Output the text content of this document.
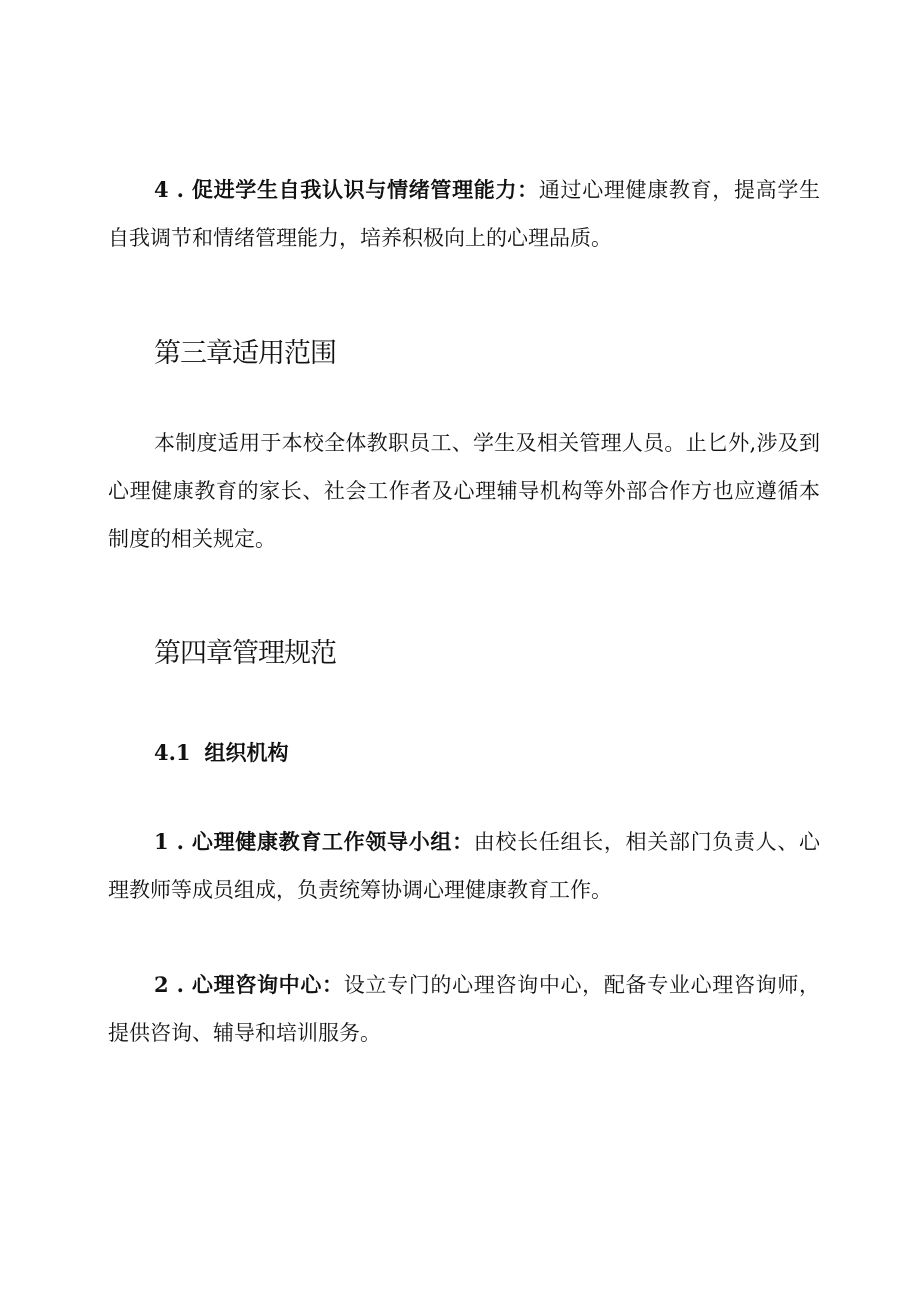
4 . 促进学生自我认识与情绪管理能力：通过心理健康教育，提高学生自我调节和情绪管理能力，培养积极向上的心理品质。

第三章适用范围

本制度适用于本校全体教职员工、学生及相关管理人员。止匕外,涉及到心理健康教育的家长、社会工作者及心理辅导机构等外部合作方也应遵循本制度的相关规定。

第四章管理规范
4.1 组织机构

1 . 心理健康教育工作领导小组：由校长任组长，相关部门负责人、心理教师等成员组成，负责统筹协调心理健康教育工作。

2 . 心理咨询中心：设立专门的心理咨询中心，配备专业心理咨询师，提供咨询、辅导和培训服务。
